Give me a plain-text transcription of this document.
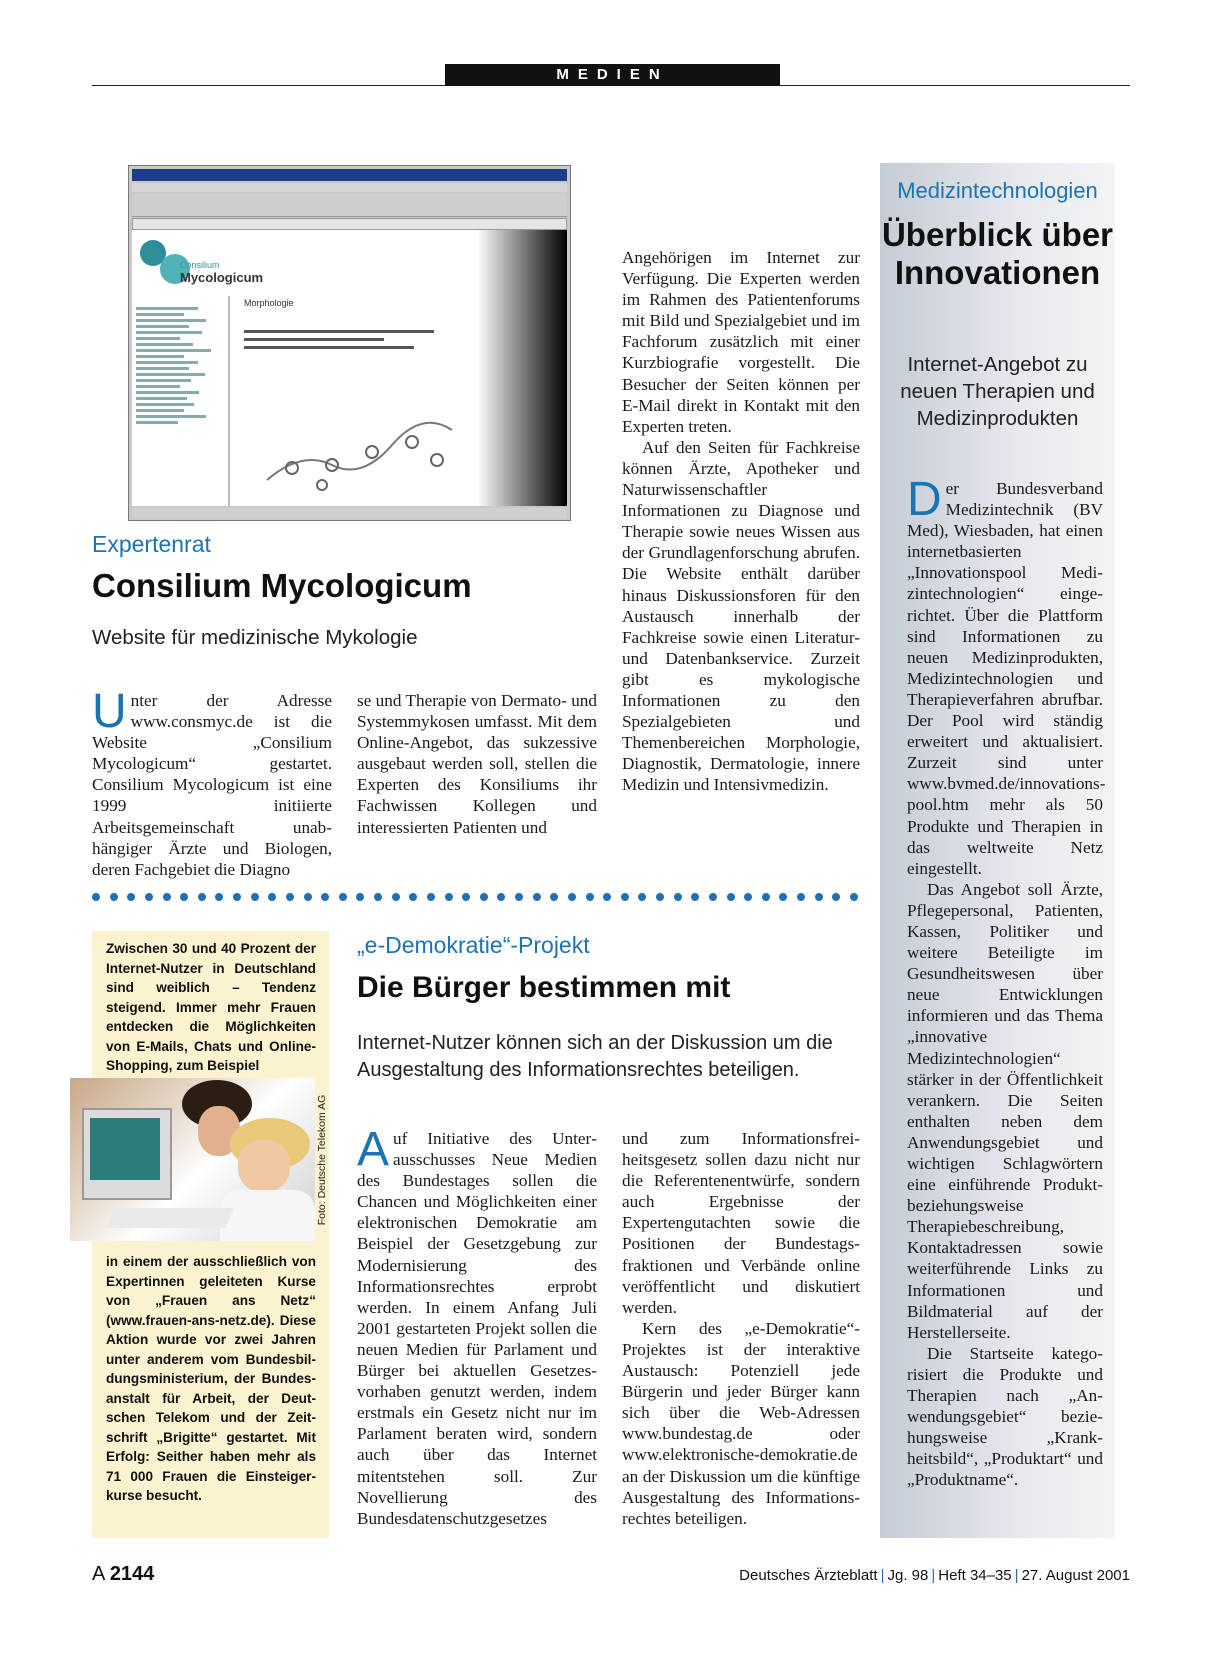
MEDIEN
Consilium
Mycologicum
Morphologie
Expertenrat
Consilium Mycologicum
Website für medizinische Mykologie

Unter der Adresse www.consmyc.de ist die Website „Consilium Mycologicum“ gestartet. Consilium Mycologicum ist eine 1999 initiierte Arbeitsgemeinschaft unabhängiger Ärzte und Biologen, deren Fachgebiet die Diagno

se und Therapie von Dermato- und Systemmykosen umfasst. Mit dem Online-Angebot, das sukzessive ausgebaut werden soll, stellen die Experten des Konsiliums ihr Fachwissen Kollegen und interessierten Patienten und

Angehörigen im Internet zur Verfügung. Die Experten werden im Rahmen des Patientenforums mit Bild und Spezialgebiet und im Fachforum zusätzlich mit einer Kurzbiografie vorgestellt. Die Besucher der Seiten können per E-Mail direkt in Kontakt mit den Experten treten.

Auf den Seiten für Fachkreise können Ärzte, Apotheker und Naturwissenschaftler Informationen zu Diagnose und Therapie sowie neues Wissen aus der Grundlagenforschung abrufen. Die Website enthält darüber hinaus Diskussionsforen für den Austausch innerhalb der Fachkreise sowie einen Literatur- und Datenbankservice. Zurzeit gibt es mykologische Informationen zu den Spezialgebieten und Themenbereichen Morphologie, Diagnostik, Dermatologie, innere Medizin und Intensivmedizin.

Zwischen 30 und 40 Prozent der Internet-Nutzer in Deutschland sind weiblich – Tendenz steigend. Immer mehr Frauen entdecken die Möglichkeiten von E-Mails, Chats und Online-Shopping, zum Beispiel
Foto: Deutsche Telekom AG
in einem der ausschließlich von Expertinnen geleiteten Kurse von „Frauen ans Netz“ (www.frauen-ans-netz.de). Diese Aktion wurde vor zwei Jahren unter anderem vom Bundesbildungsministerium, der Bundesanstalt für Arbeit, der Deutschen Telekom und der Zeitschrift „Brigitte“ gestartet. Mit Erfolg: Seither haben mehr als 71 000 Frauen die Einsteigerkurse besucht.
„e-Demokratie“-Projekt
Die Bürger bestimmen mit
Internet-Nutzer können sich an der Diskussion um die Ausgestaltung des Informationsrechtes beteiligen.

Auf Initiative des Unterausschusses Neue Medien des Bundestages sollen die Chancen und Möglichkeiten einer elektronischen Demokratie am Beispiel der Gesetzgebung zur Modernisierung des Informationsrechtes erprobt werden. In einem Anfang Juli 2001 gestarteten Projekt sollen die neuen Medien für Parlament und Bürger bei aktuellen Gesetzesvorhaben genutzt werden, indem erstmals ein Gesetz nicht nur im Parlament beraten wird, sondern auch über das Internet mitentstehen soll. Zur Novellierung des Bundesdatenschutzgesetzes

und zum Informationsfreiheitsgesetz sollen dazu nicht nur die Referentenentwürfe, sondern auch Ergebnisse der Expertengutachten sowie die Positionen der Bundestagsfraktionen und Verbände online veröffentlicht und diskutiert werden.

Kern des „e-Demokratie“-Projektes ist der interaktive Austausch: Potenziell jede Bürgerin und jeder Bürger kann sich über die Web-Adressen www.bundestag.de oder www.elektronische-demokratie.de an der Diskussion um die künftige Ausgestaltung des Informationsrechtes beteiligen.

Medizintechnologien
Überblick über Innovationen
Internet-Angebot zu neuen Therapien und Medizinprodukten

Der Bundesverband Medizintechnik (BV Med), Wiesbaden, hat einen internetbasierten „Innovationspool Medizintechnologien“ eingerichtet. Über die Plattform sind Informationen zu neuen Medizinprodukten, Medizintechnologien und Therapieverfahren abrufbar. Der Pool wird ständig erweitert und aktualisiert. Zurzeit sind unter www.bvmed.de/innovationspool.htm mehr als 50 Produkte und Therapien in das weltweite Netz eingestellt.

Das Angebot soll Ärzte, Pflegepersonal, Patienten, Kassen, Politiker und weitere Beteiligte im Gesundheitswesen über neue Entwicklungen informieren und das Thema „innovative Medizintechnologien“ stärker in der Öffentlichkeit verankern. Die Seiten enthalten neben dem Anwendungsgebiet und wichtigen Schlagwörtern eine einführende Produkt- beziehungsweise Therapiebeschreibung, Kontaktadressen sowie weiterführende Links zu Informationen und Bildmaterial auf der Herstellerseite.

Die Startseite kategorisiert die Produkte und Therapien nach „Anwendungsgebiet“ beziehungsweise „Krankheitsbild“, „Produktart“ und „Produktname“.

A 2144	Deutsches Ärzteblatt | Jg. 98 | Heft 34–35 | 27. August 2001
